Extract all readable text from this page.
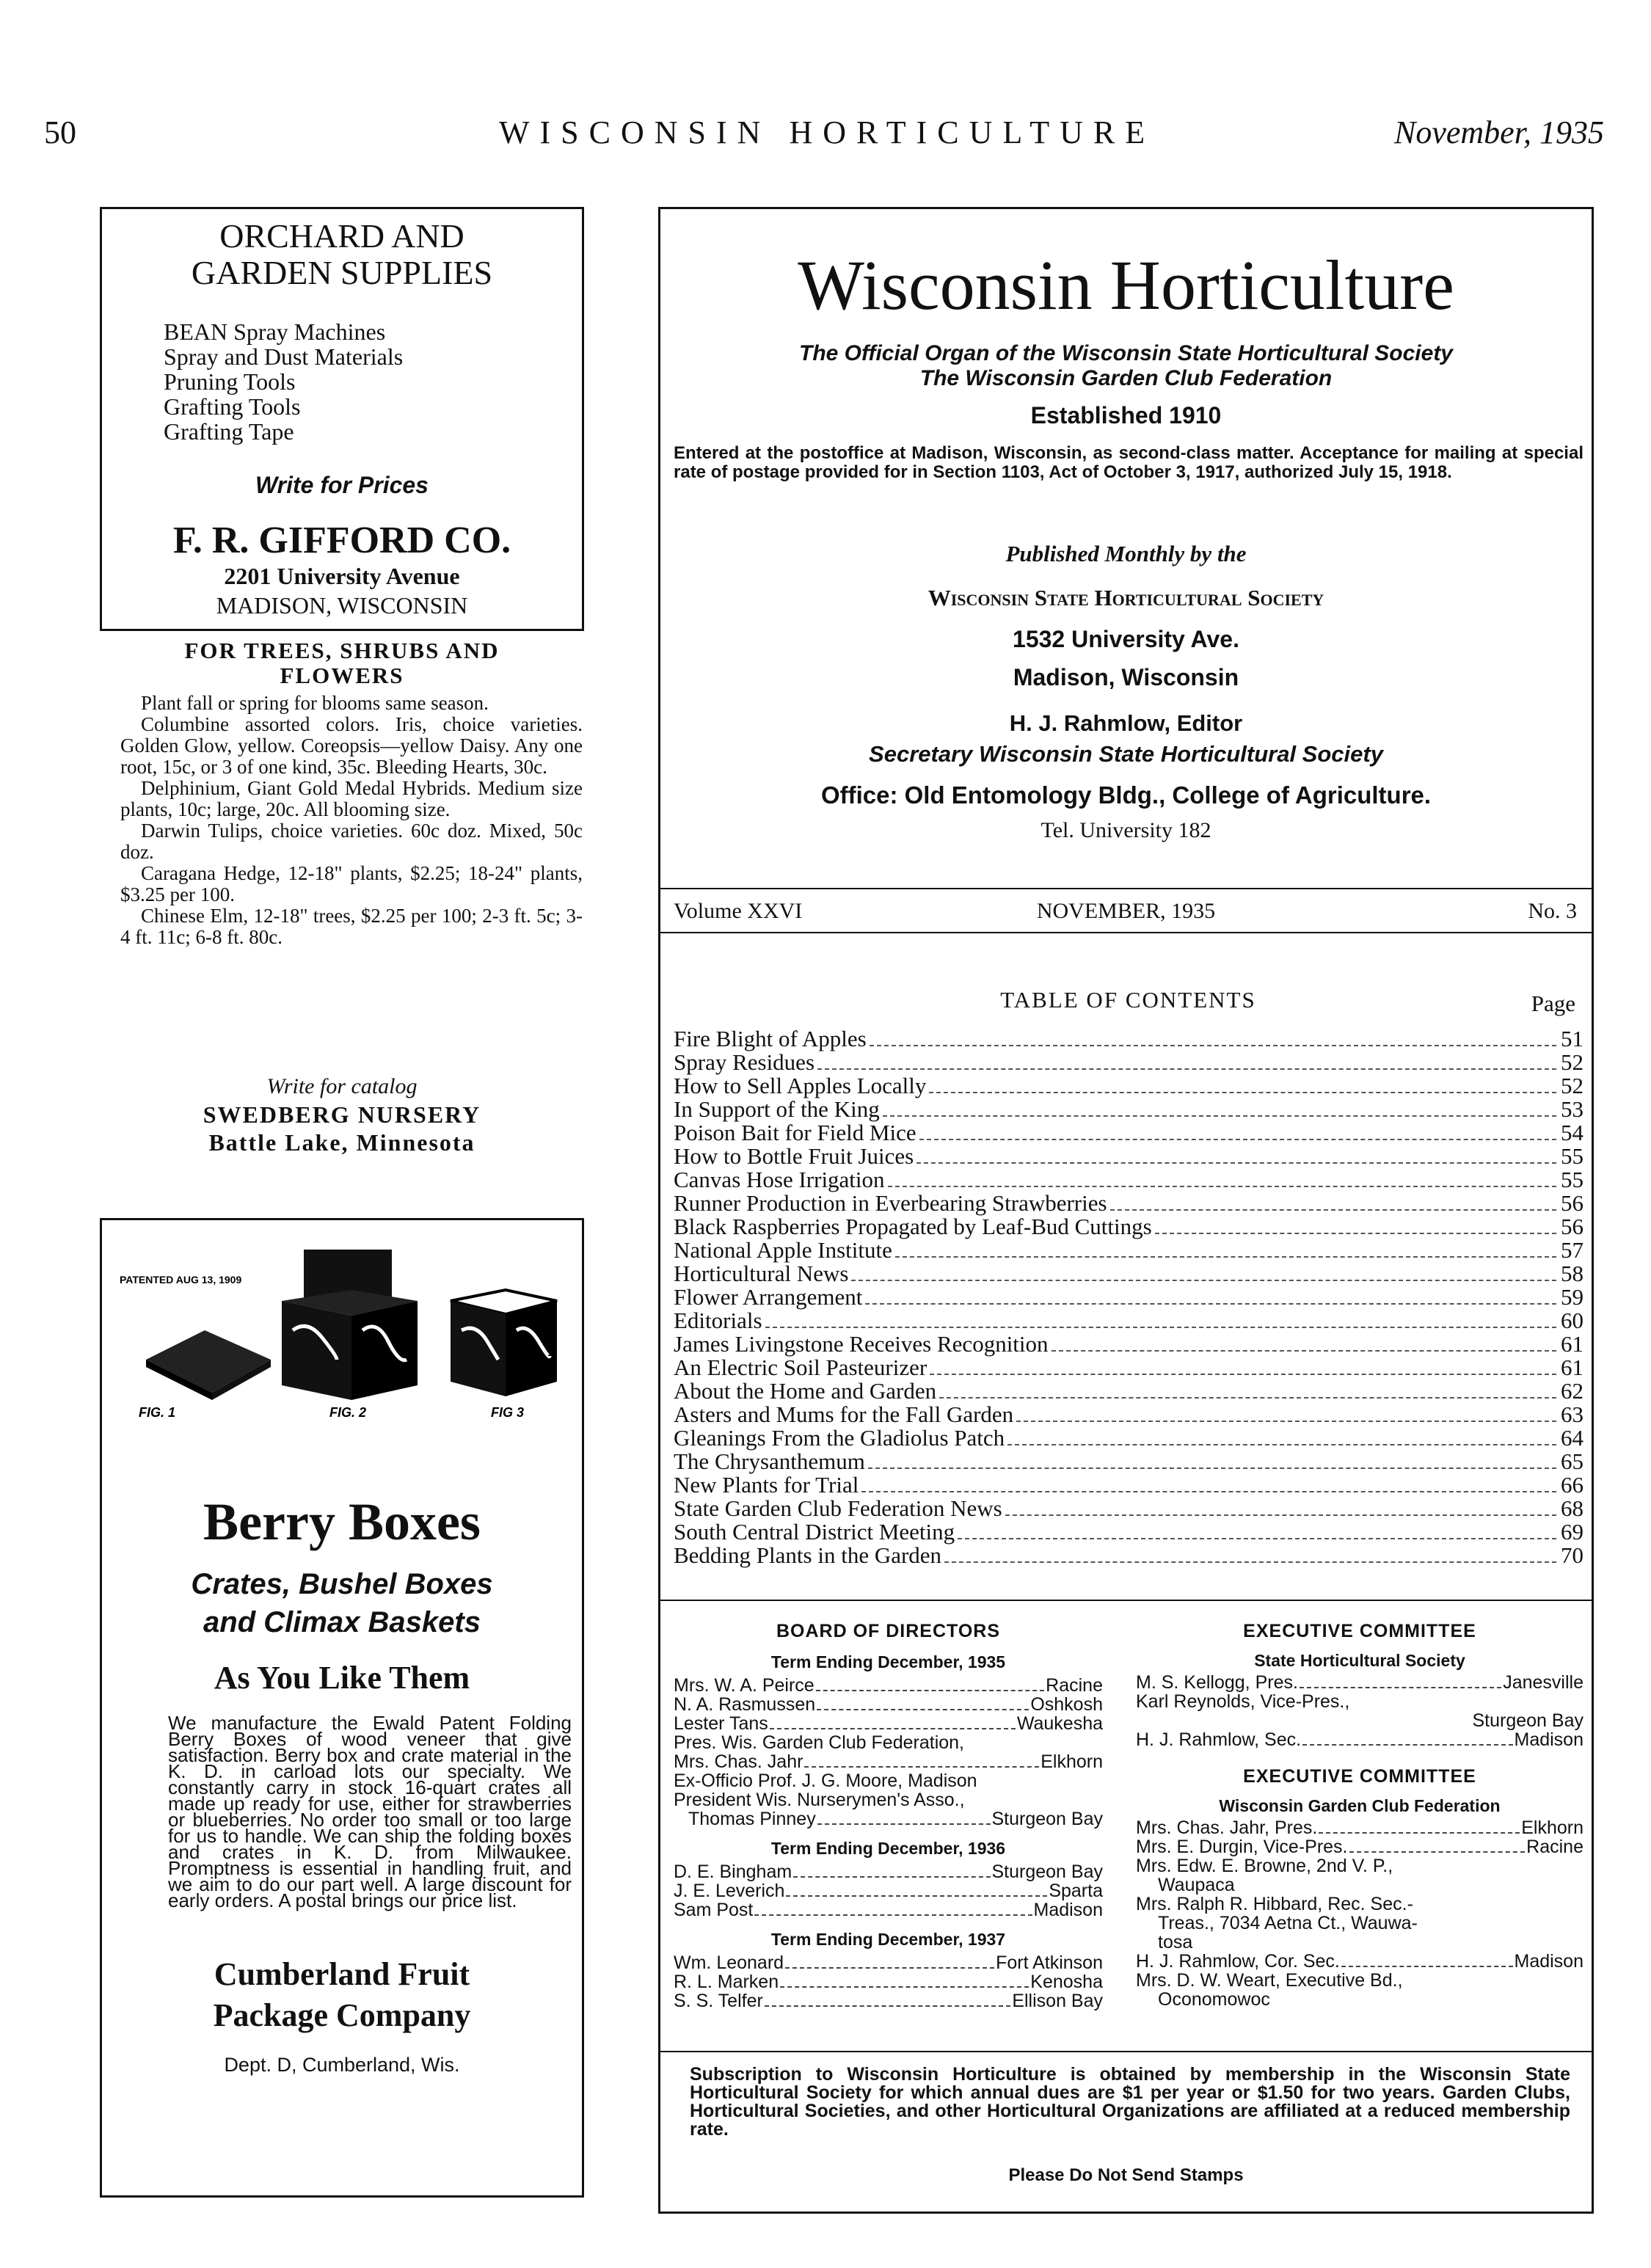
50	WISCONSIN HORTICULTURE	November, 1935
ORCHARD AND
GARDEN SUPPLIES
BEAN Spray Machines
Spray and Dust Materials
Pruning Tools
Grafting Tools
Grafting Tape
Write for Prices
F. R. GIFFORD CO.
2201 University Avenue
MADISON, WISCONSIN
FOR TREES, SHRUBS AND
FLOWERS

Plant fall or spring for blooms same season.

Columbine assorted colors. Iris, choice varieties. Golden Glow, yellow. Coreopsis—yellow Daisy. Any one root, 15c, or 3 of one kind, 35c. Bleeding Hearts, 30c.

Delphinium, Giant Gold Medal Hybrids. Medium size plants, 10c; large, 20c. All blooming size.

Darwin Tulips, choice varieties. 60c doz. Mixed, 50c doz.

Caragana Hedge, 12-18" plants, $2.25; 18-24" plants, $3.25 per 100.

Chinese Elm, 12-18" trees, $2.25 per 100; 2-3 ft. 5c; 3-4 ft. 11c; 6-8 ft. 80c.

Write for catalog
SWEDBERG NURSERY
Battle Lake, Minnesota
PATENTED AUG 13, 1909
FIG. 1	FIG. 2	FIG 3
Berry Boxes
Crates, Bushel Boxes
and Climax Baskets
As You Like Them
We manufacture the Ewald Patent Folding Berry Boxes of wood veneer that give satisfaction. Berry box and crate material in the K. D. in carload lots our specialty. We constantly carry in stock 16-quart crates all made up ready for use, either for strawberries or blueberries. No order too small or too large for us to handle. We can ship the folding boxes and crates in K. D. from Milwaukee. Promptness is essential in handling fruit, and we aim to do our part well. A large discount for early orders. A postal brings our price list.
Cumberland Fruit
Package Company
Dept. D, Cumberland, Wis.
Wisconsin Horticulture
The Official Organ of the Wisconsin State Horticultural Society
The Wisconsin Garden Club Federation
Established 1910
Entered at the postoffice at Madison, Wisconsin, as second-class matter. Acceptance for mailing at special rate of postage provided for in Section 1103, Act of October 3, 1917, authorized July 15, 1918.
Published Monthly by the
Wisconsin State Horticultural Society
1532 University Ave.
Madison, Wisconsin
H. J. Rahmlow, Editor
Secretary Wisconsin State Horticultural Society
Office: Old Entomology Bldg., College of Agriculture.
Tel. University 182
Volume XXVI	NOVEMBER, 1935	No. 3
TABLE OF CONTENTS	Page
Fire Blight of Apples	51
Spray Residues	52
How to Sell Apples Locally	52
In Support of the King	53
Poison Bait for Field Mice	54
How to Bottle Fruit Juices	55
Canvas Hose Irrigation	55
Runner Production in Everbearing Strawberries	56
Black Raspberries Propagated by Leaf-Bud Cuttings	56
National Apple Institute	57
Horticultural News	58
Flower Arrangement	59
Editorials	60
James Livingstone Receives Recognition	61
An Electric Soil Pasteurizer	61
About the Home and Garden	62
Asters and Mums for the Fall Garden	63
Gleanings From the Gladiolus Patch	64
The Chrysanthemum	65
New Plants for Trial	66
State Garden Club Federation News	68
South Central District Meeting	69
Bedding Plants in the Garden	70
BOARD OF DIRECTORS
Term Ending December, 1935
Mrs. W. A. Peirce	Racine
N. A. Rasmussen	Oshkosh
Lester Tans	Waukesha
Pres. Wis. Garden Club Federation,
Mrs. Chas. Jahr	Elkhorn
Ex-Officio Prof. J. G. Moore, Madison
President Wis. Nurserymen's Asso.,
Thomas Pinney	Sturgeon Bay
Term Ending December, 1936
D. E. Bingham	Sturgeon Bay
J. E. Leverich	Sparta
Sam Post	Madison
Term Ending December, 1937
Wm. Leonard	Fort Atkinson
R. L. Marken	Kenosha
S. S. Telfer	Ellison Bay
EXECUTIVE COMMITTEE
State Horticultural Society
M. S. Kellogg, Pres.	Janesville
Karl Reynolds, Vice-Pres.,
Sturgeon Bay
H. J. Rahmlow, Sec.	Madison
EXECUTIVE COMMITTEE
Wisconsin Garden Club Federation
Mrs. Chas. Jahr, Pres.	Elkhorn
Mrs. E. Durgin, Vice-Pres.	Racine
Mrs. Edw. E. Browne, 2nd V. P.,
Waupaca
Mrs. Ralph R. Hibbard, Rec. Sec.-
Treas., 7034 Aetna Ct., Wauwa-
tosa
H. J. Rahmlow, Cor. Sec.	Madison
Mrs. D. W. Weart, Executive Bd.,
Oconomowoc
Subscription to Wisconsin Horticulture is obtained by membership in the Wisconsin State Horticultural Society for which annual dues are $1 per year or $1.50 for two years. Garden Clubs, Horticultural Societies, and other Horticultural Organizations are affiliated at a reduced membership rate.
Please Do Not Send Stamps
